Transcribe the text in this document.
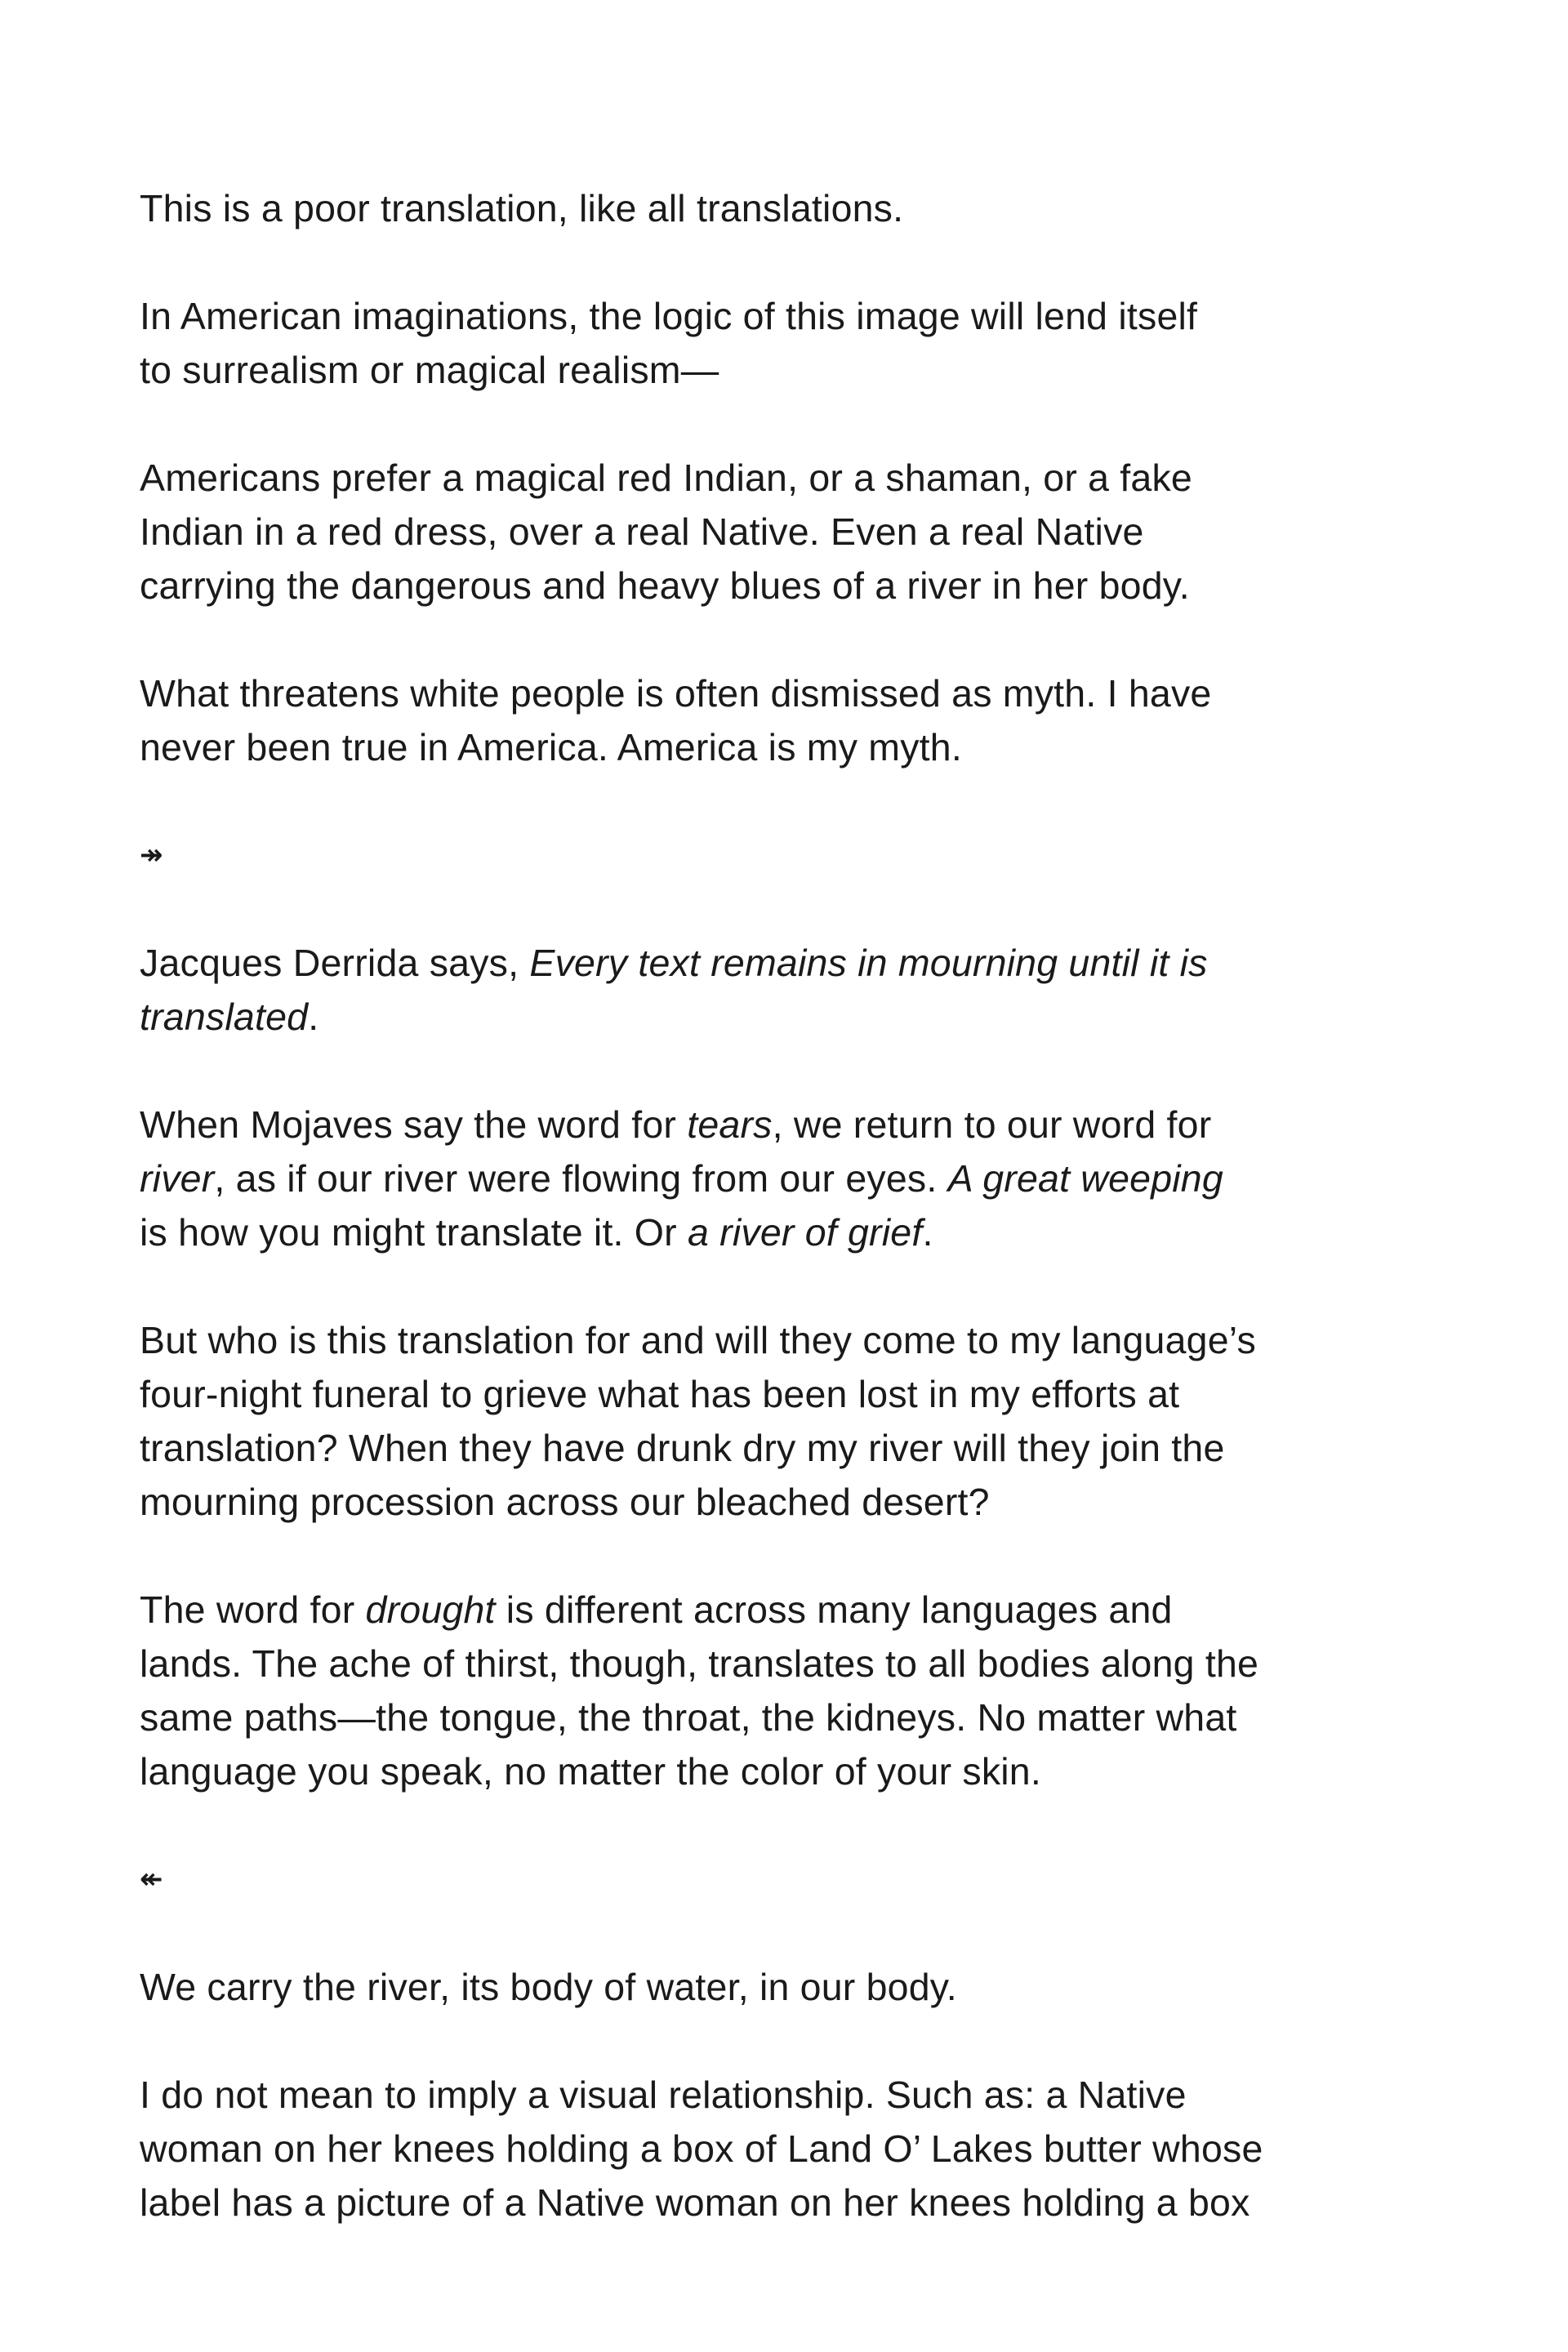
This is a poor translation, like all translations.
In American imaginations, the logic of this image will lend itself
to surrealism or magical realism—
Americans prefer a magical red Indian, or a shaman, or a fake
Indian in a red dress, over a real Native. Even a real Native
carrying the dangerous and heavy blues of a river in her body.
What threatens white people is often dismissed as myth. I have
never been true in America. America is my myth.
↠
Jacques Derrida says, Every text remains in mourning until it is
translated.
When Mojaves say the word for tears, we return to our word for
river, as if our river were flowing from our eyes. A great weeping
is how you might translate it. Or a river of grief.
But who is this translation for and will they come to my language’s
four-night funeral to grieve what has been lost in my efforts at
translation? When they have drunk dry my river will they join the
mourning procession across our bleached desert?
The word for drought is different across many languages and
lands. The ache of thirst, though, translates to all bodies along the
same paths—the tongue, the throat, the kidneys. No matter what
language you speak, no matter the color of your skin.
↞
We carry the river, its body of water, in our body.
I do not mean to imply a visual relationship. Such as: a Native
woman on her knees holding a box of Land O’ Lakes butter whose
label has a picture of a Native woman on her knees holding a box
